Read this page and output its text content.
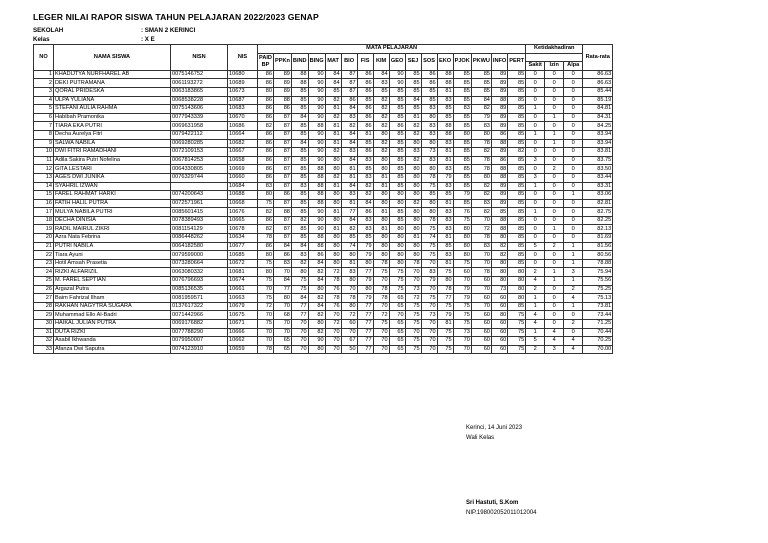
LEGER NILAI RAPOR SISWA TAHUN PELAJARAN 2022/2023 GENAP
SEKOLAH	: SMAN 2 KERINCI
Kelas	: X E
NO	NAMA SISWA	NISN	NIS	MATA PELAJARAN																Ketidakhadiran			Rata-rata
				PAID BP	PPKn	BIND	BING	MAT	BIO	FIS	KIM	GEO	SEJ	SOS	EKO	PJOK	PKWU	INFO	PERT				
																				Sakit	Izin	Alpa	
1	KHADIJTYA NURFHAREL AB	0075146752	10680	86	89	88	90	84	87	86	84	90	85	86	88	85	85	89	85	0	0	0	86.63
2	DEKI PUTRAMANA	0061193272	10689	86	89	88	90	84	87	86	83	90	85	86	88	85	85	89	85	0	0	0	86.63
3	QORAL PRIDESKA	0063183865	10673	80	89	85	90	85	87	86	85	85	85	85	81	85	85	89	85	0	0	0	85.44
4	ULPA YULIANA	0068538228	10687	86	88	85	90	82	86	85	82	85	84	85	83	85	84	88	85	0	0	0	85.19
5	STEFANI AULIA RAHMA	0075143606	10683	86	86	85	90	81	84	86	82	85	85	83	85	83	82	89	85	1	0	0	84.81
6	Habibah Pramonika	0077943339	10670	86	87	84	90	82	83	86	82	85	81	80	85	85	79	89	85	0	1	0	84.31
7	TIARA EKA PUTRI	0069631958	10686	82	87	85	88	81	82	86	82	86	82	83	88	85	83	89	85	0	0	0	84.25
8	Decha Aurelya Fitri	0079422112	10664	86	87	85	90	81	84	81	80	85	82	83	88	80	80	86	85	1	1	0	83.94
9	SALWA NABILA	0069280285	10682	86	87	84	90	81	84	85	82	85	80	80	83	85	78	88	85	0	1	0	83.94
10	DWI FITRI RAMADHANI	0072109153	10667	86	87	85	90	82	83	86	82	85	83	73	81	85	82	89	82	0	0	0	83.81
11	Adila Sakira Putri Nofelina	0067814253	10658	86	87	85	90	80	84	83	80	85	82	83	81	85	78	86	85	3	0	0	83.75
12	GITA LESTARI	0064330805	10669	86	87	85	88	80	81	85	80	85	80	80	83	85	78	88	85	0	2	0	83.50
13	AGES DWI JUNIKA	0076329744	10660	86	87	85	88	82	81	83	81	85	80	78	79	85	80	88	85	3	0	0	83.44
14	SYAHRIL IZWAN		10684	83	87	83	88	81	84	82	81	85	80	75	83	85	82	89	85	1	0	0	83.31
15	FAREL RAHMAT HARKI	0074200643	10688	80	86	85	88	80	83	82	80	80	80	85	85	79	82	89	85	0	0	1	83.06
16	FATIH HALIL PUTRA	0072571961	10668	75	87	85	88	80	81	84	80	80	82	80	81	85	83	89	85	0	0	0	82.81
17	MULYA NABILA PUTRI	0085601415	10676	82	88	85	90	81	77	86	81	85	80	80	83	76	82	85	85	1	0	0	82.75
18	DECHA DINISIA	0078389493	10665	86	87	82	90	80	84	83	80	85	80	78	83	75	70	88	85	0	0	0	82.25
19	RADIL MAIRUL ZIKRI	0081154129	10678	82	87	85	90	81	82	83	81	80	80	75	83	80	72	88	85	0	1	0	82.13
20	Azra Nata Febrina	0086448262	10634	78	87	85	88	80	85	85	80	80	81	74	81	80	78	80	85	0	0	0	81.69
21	PUTRI NABILA	0064182580	10677	86	84	84	88	80	74	79	80	80	80	75	85	80	83	82	85	5	2	1	81.56
22	Tiara Ayuni	0079599000	10685	80	86	83	86	80	80	79	80	80	80	75	83	80	70	82	85	0	0	1	80.56
23	Hotil Amsah Prasetia	0073280664	10672	75	83	82	84	80	81	80	78	80	78	70	81	75	70	80	85	0	0	1	78.88
24	RIZKI ALFARIZIL	0063080332	10681	80	70	80	82	72	83	77	75	75	70	83	75	60	78	80	80	2	1	3	75.94
25	M. FAREL SEPTIAN	0076796693	10674	75	84	75	84	78	80	79	70	75	70	79	80	70	60	80	80	4	1	1	75.56
26	Argazal Putra	0085136535	10661	70	77	75	80	76	70	80	78	75	73	70	78	79	70	73	80	2	0	2	75.25
27	Baim Fahrizal Ilham	0081959571	10663	75	80	84	82	78	78	79	78	65	72	75	77	79	60	60	80	1	0	4	75.13
28	RAKHAN NAGYTRA SUGARA	0137617322	10679	72	70	77	84	76	80	77	70	65	75	70	75	75	70	60	85	1	0	1	73.81
29	Muhammad Ello Al-Badri	0071442966	10675	70	68	77	82	70	72	77	72	70	75	73	79	75	60	80	75	4	0	0	73.44
30	HAIKAL JULIAN PUTRA	0069176882	10671	75	70	70	80	72	60	77	75	65	75	70	81	75	60	60	75	4	0	2	71.25
31	DUTA RIZKI	0077788290	10666	70	70	70	82	70	70	77	70	65	70	70	75	73	60	60	75	1	4	0	70.44
32	Asabil Ikhwanda	0079950007	10662	70	65	70	90	70	67	77	70	65	75	70	75	70	60	60	75	5	4	4	70.25
33	Afanza Dwi Saputra	0074123910	10659	78	65	70	80	70	50	77	70	65	75	70	75	70	60	60	75	2	3	4	70.00
Kerinci, 14 Juni 2023
Wali Kelas
Sri Hastuti, S.Kom
NIP.198002052011012004
